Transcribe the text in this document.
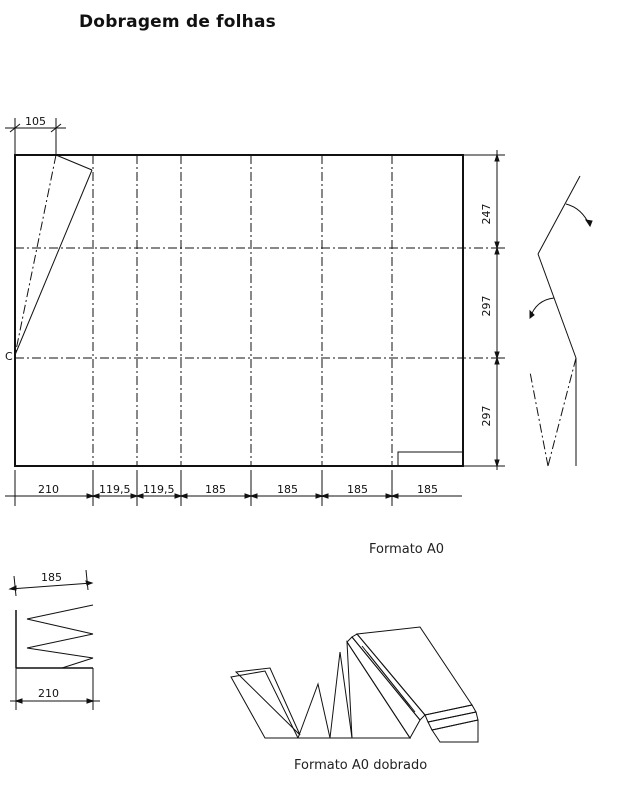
Dobragem de folhas
105
C
210	119,5 119,5	185	185	185	185
247
297
297
185
210
Formato A0
Formato A0 dobrado
